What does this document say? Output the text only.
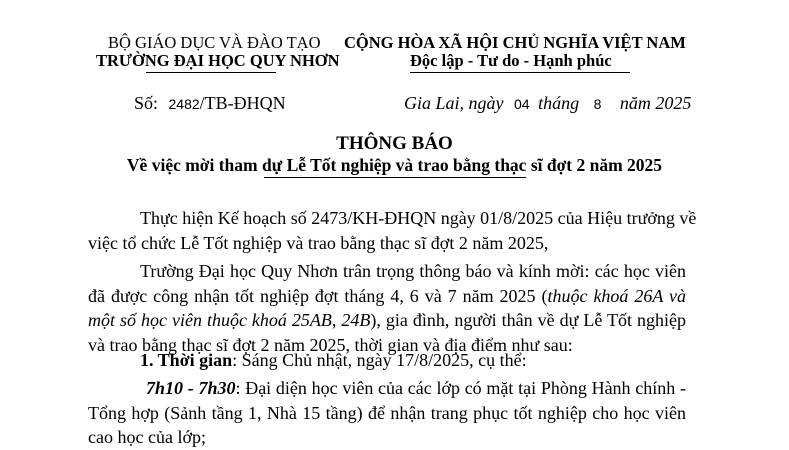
BỘ GIÁO DỤC VÀ ĐÀO TẠO
TRƯỜNG ĐẠI HỌC QUY NHƠN
CỘNG HÒA XÃ HỘI CHỦ NGHĨA VIỆT NAM
Độc lập - Tư do - Hạnh phúc
Số: 2482/TB-ĐHQN	Gia Lai, ngày 04 tháng 8 năm 2025
THÔNG BÁO
Về việc mời tham dự Lễ Tốt nghiệp và trao bằng thạc sĩ đợt 2 năm 2025
Thực hiện Kế hoạch số 2473/KH-ĐHQN ngày 01/8/2025 của Hiệu trưởng về
việc tổ chức Lễ Tốt nghiệp và trao bằng thạc sĩ đợt 2 năm 2025,
Trường Đại học Quy Nhơn trân trọng thông báo và kính mời: các học viên
đã được công nhận tốt nghiệp đợt tháng 4, 6 và 7 năm 2025 (thuộc khoá 26A và
một số học viên thuộc khoá 25AB, 24B), gia đình, người thân về dự Lễ Tốt nghiệp
và trao bằng thạc sĩ đợt 2 năm 2025, thời gian và địa điểm như sau:
1. Thời gian: Sáng Chủ nhật, ngày 17/8/2025, cụ thể:
7h10 - 7h30: Đại diện học viên của các lớp có mặt tại Phòng Hành chính -
Tổng hợp (Sảnh tầng 1, Nhà 15 tầng) để nhận trang phục tốt nghiệp cho học viên
cao học của lớp;
